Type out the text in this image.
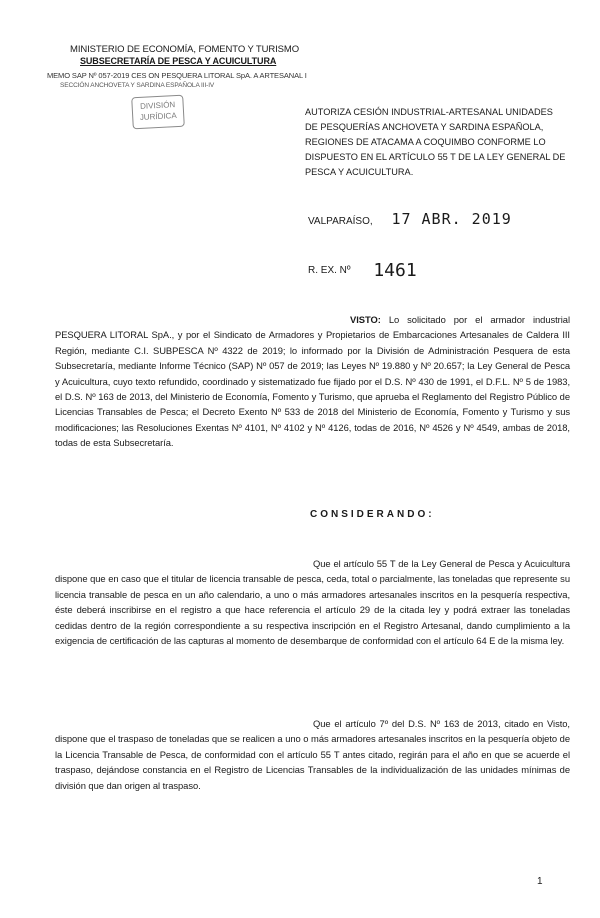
MINISTERIO DE ECONOMÍA, FOMENTO Y TURISMO
SUBSECRETARÍA DE PESCA Y ACUICULTURA
MEMO SAP Nº 057-2019 CES ON PESQUERA LITORAL SpA. A ARTESANAL I
SECCIÓN ANCHOVETA Y SARDINA ESPAÑOLA III-IV
DIVISIÓN
JURÍDICA	AUTORIZA CESIÓN INDUSTRIAL-ARTESANAL UNIDADES DE PESQUERÍAS ANCHOVETA Y SARDINA ESPAÑOLA, REGIONES DE ATACAMA A COQUIMBO CONFORME LO DISPUESTO EN EL ARTÍCULO 55 T DE LA LEY GENERAL DE PESCA Y ACUICULTURA.
VALPARAÍSO, 17 ABR. 2019
R. EX. Nº 1461
VISTO: Lo solicitado por el armador industrial PESQUERA LITORAL SpA., y por el Sindicato de Armadores y Propietarios de Embarcaciones Artesanales de Caldera III Región, mediante C.I. SUBPESCA Nº 4322 de 2019; lo informado por la División de Administración Pesquera de esta Subsecretaría, mediante Informe Técnico (SAP) Nº 057 de 2019; las Leyes Nº 19.880 y Nº 20.657; la Ley General de Pesca y Acuicultura, cuyo texto refundido, coordinado y sistematizado fue fijado por el D.S. Nº 430 de 1991, el D.F.L. Nº 5 de 1983, el D.S. Nº 163 de 2013, del Ministerio de Economía, Fomento y Turismo, que aprueba el Reglamento del Registro Público de Licencias Transables de Pesca; el Decreto Exento Nº 533 de 2018 del Ministerio de Economía, Fomento y Turismo y sus modificaciones; las Resoluciones Exentas Nº 4101, Nº 4102 y Nº 4126, todas de 2016, Nº 4526 y Nº 4549, ambas de 2018, todas de esta Subsecretaría.
CONSIDERANDO:
Que el artículo 55 T de la Ley General de Pesca y Acuicultura dispone que en caso que el titular de licencia transable de pesca, ceda, total o parcialmente, las toneladas que represente su licencia transable de pesca en un año calendario, a uno o más armadores artesanales inscritos en la pesquería respectiva, éste deberá inscribirse en el registro a que hace referencia el artículo 29 de la citada ley y podrá extraer las toneladas cedidas dentro de la región correspondiente a su respectiva inscripción en el Registro Artesanal, dando cumplimiento a la exigencia de certificación de las capturas al momento de desembarque de conformidad con el artículo 64 E de la misma ley.
Que el artículo 7º del D.S. Nº 163 de 2013, citado en Visto, dispone que el traspaso de toneladas que se realicen a uno o más armadores artesanales inscritos en la pesquería objeto de la Licencia Transable de Pesca, de conformidad con el artículo 55 T antes citado, regirán para el año en que se acuerde el traspaso, dejándose constancia en el Registro de Licencias Transables de la individualización de las unidades mínimas de división que dan origen al traspaso.
1
